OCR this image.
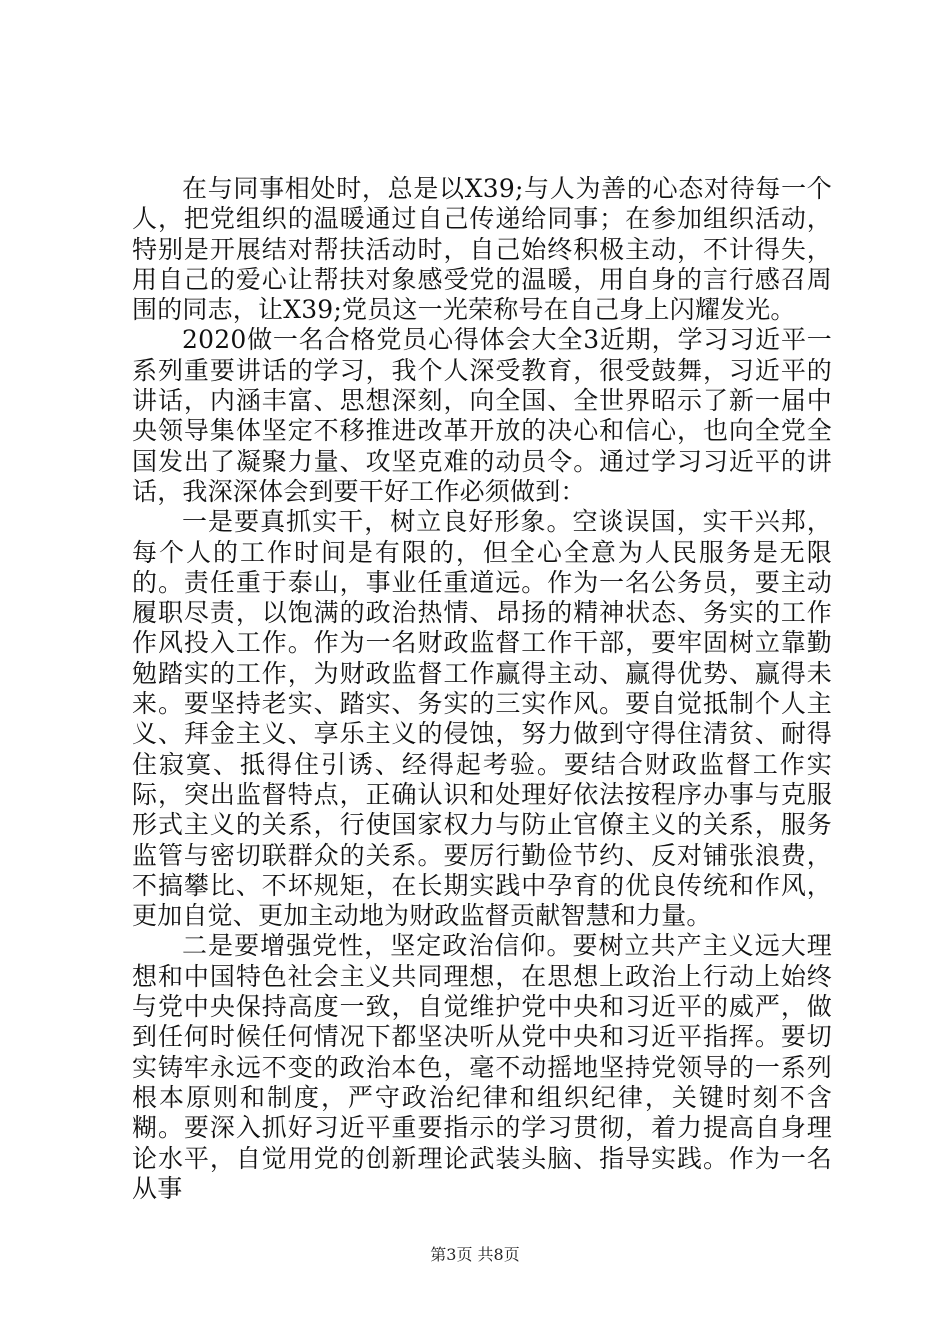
在与同事相处时，总是以X39;与人为善的心态对待每一个人，把党组织的温暖通过自己传递给同事；在参加组织活动，特别是开展结对帮扶活动时，自己始终积极主动，不计得失，用自己的爱心让帮扶对象感受党的温暖，用自身的言行感召周围的同志，让X39;党员这一光荣称号在自己身上闪耀发光。

2020做一名合格党员心得体会大全3近期，学习习近平一系列重要讲话的学习，我个人深受教育，很受鼓舞，习近平的讲话，内涵丰富、思想深刻，向全国、全世界昭示了新一届中央领导集体坚定不移推进改革开放的决心和信心，也向全党全国发出了凝聚力量、攻坚克难的动员令。通过学习习近平的讲话，我深深体会到要干好工作必须做到：

一是要真抓实干，树立良好形象。空谈误国，实干兴邦，每个人的工作时间是有限的，但全心全意为人民服务是无限的。责任重于泰山，事业任重道远。作为一名公务员，要主动履职尽责，以饱满的政治热情、昂扬的精神状态、务实的工作作风投入工作。作为一名财政监督工作干部，要牢固树立靠勤勉踏实的工作，为财政监督工作赢得主动、赢得优势、赢得未来。要坚持老实、踏实、务实的三实作风。要自觉抵制个人主义、拜金主义、享乐主义的侵蚀，努力做到守得住清贫、耐得住寂寞、抵得住引诱、经得起考验。要结合财政监督工作实际，突出监督特点，正确认识和处理好依法按程序办事与克服形式主义的关系，行使国家权力与防止官僚主义的关系，服务监管与密切联群众的关系。要厉行勤俭节约、反对铺张浪费，不搞攀比、不坏规矩，在长期实践中孕育的优良传统和作风，更加自觉、更加主动地为财政监督贡献智慧和力量。

二是要增强党性，坚定政治信仰。要树立共产主义远大理想和中国特色社会主义共同理想，在思想上政治上行动上始终与党中央保持高度一致，自觉维护党中央和习近平的威严，做到任何时候任何情况下都坚决听从党中央和习近平指挥。要切实铸牢永远不变的政治本色，毫不动摇地坚持党领导的一系列根本原则和制度，严守政治纪律和组织纪律，关键时刻不含糊。要深入抓好习近平重要指示的学习贯彻，着力提高自身理论水平，自觉用党的创新理论武装头脑、指导实践。作为一名从事

第3页 共8页
